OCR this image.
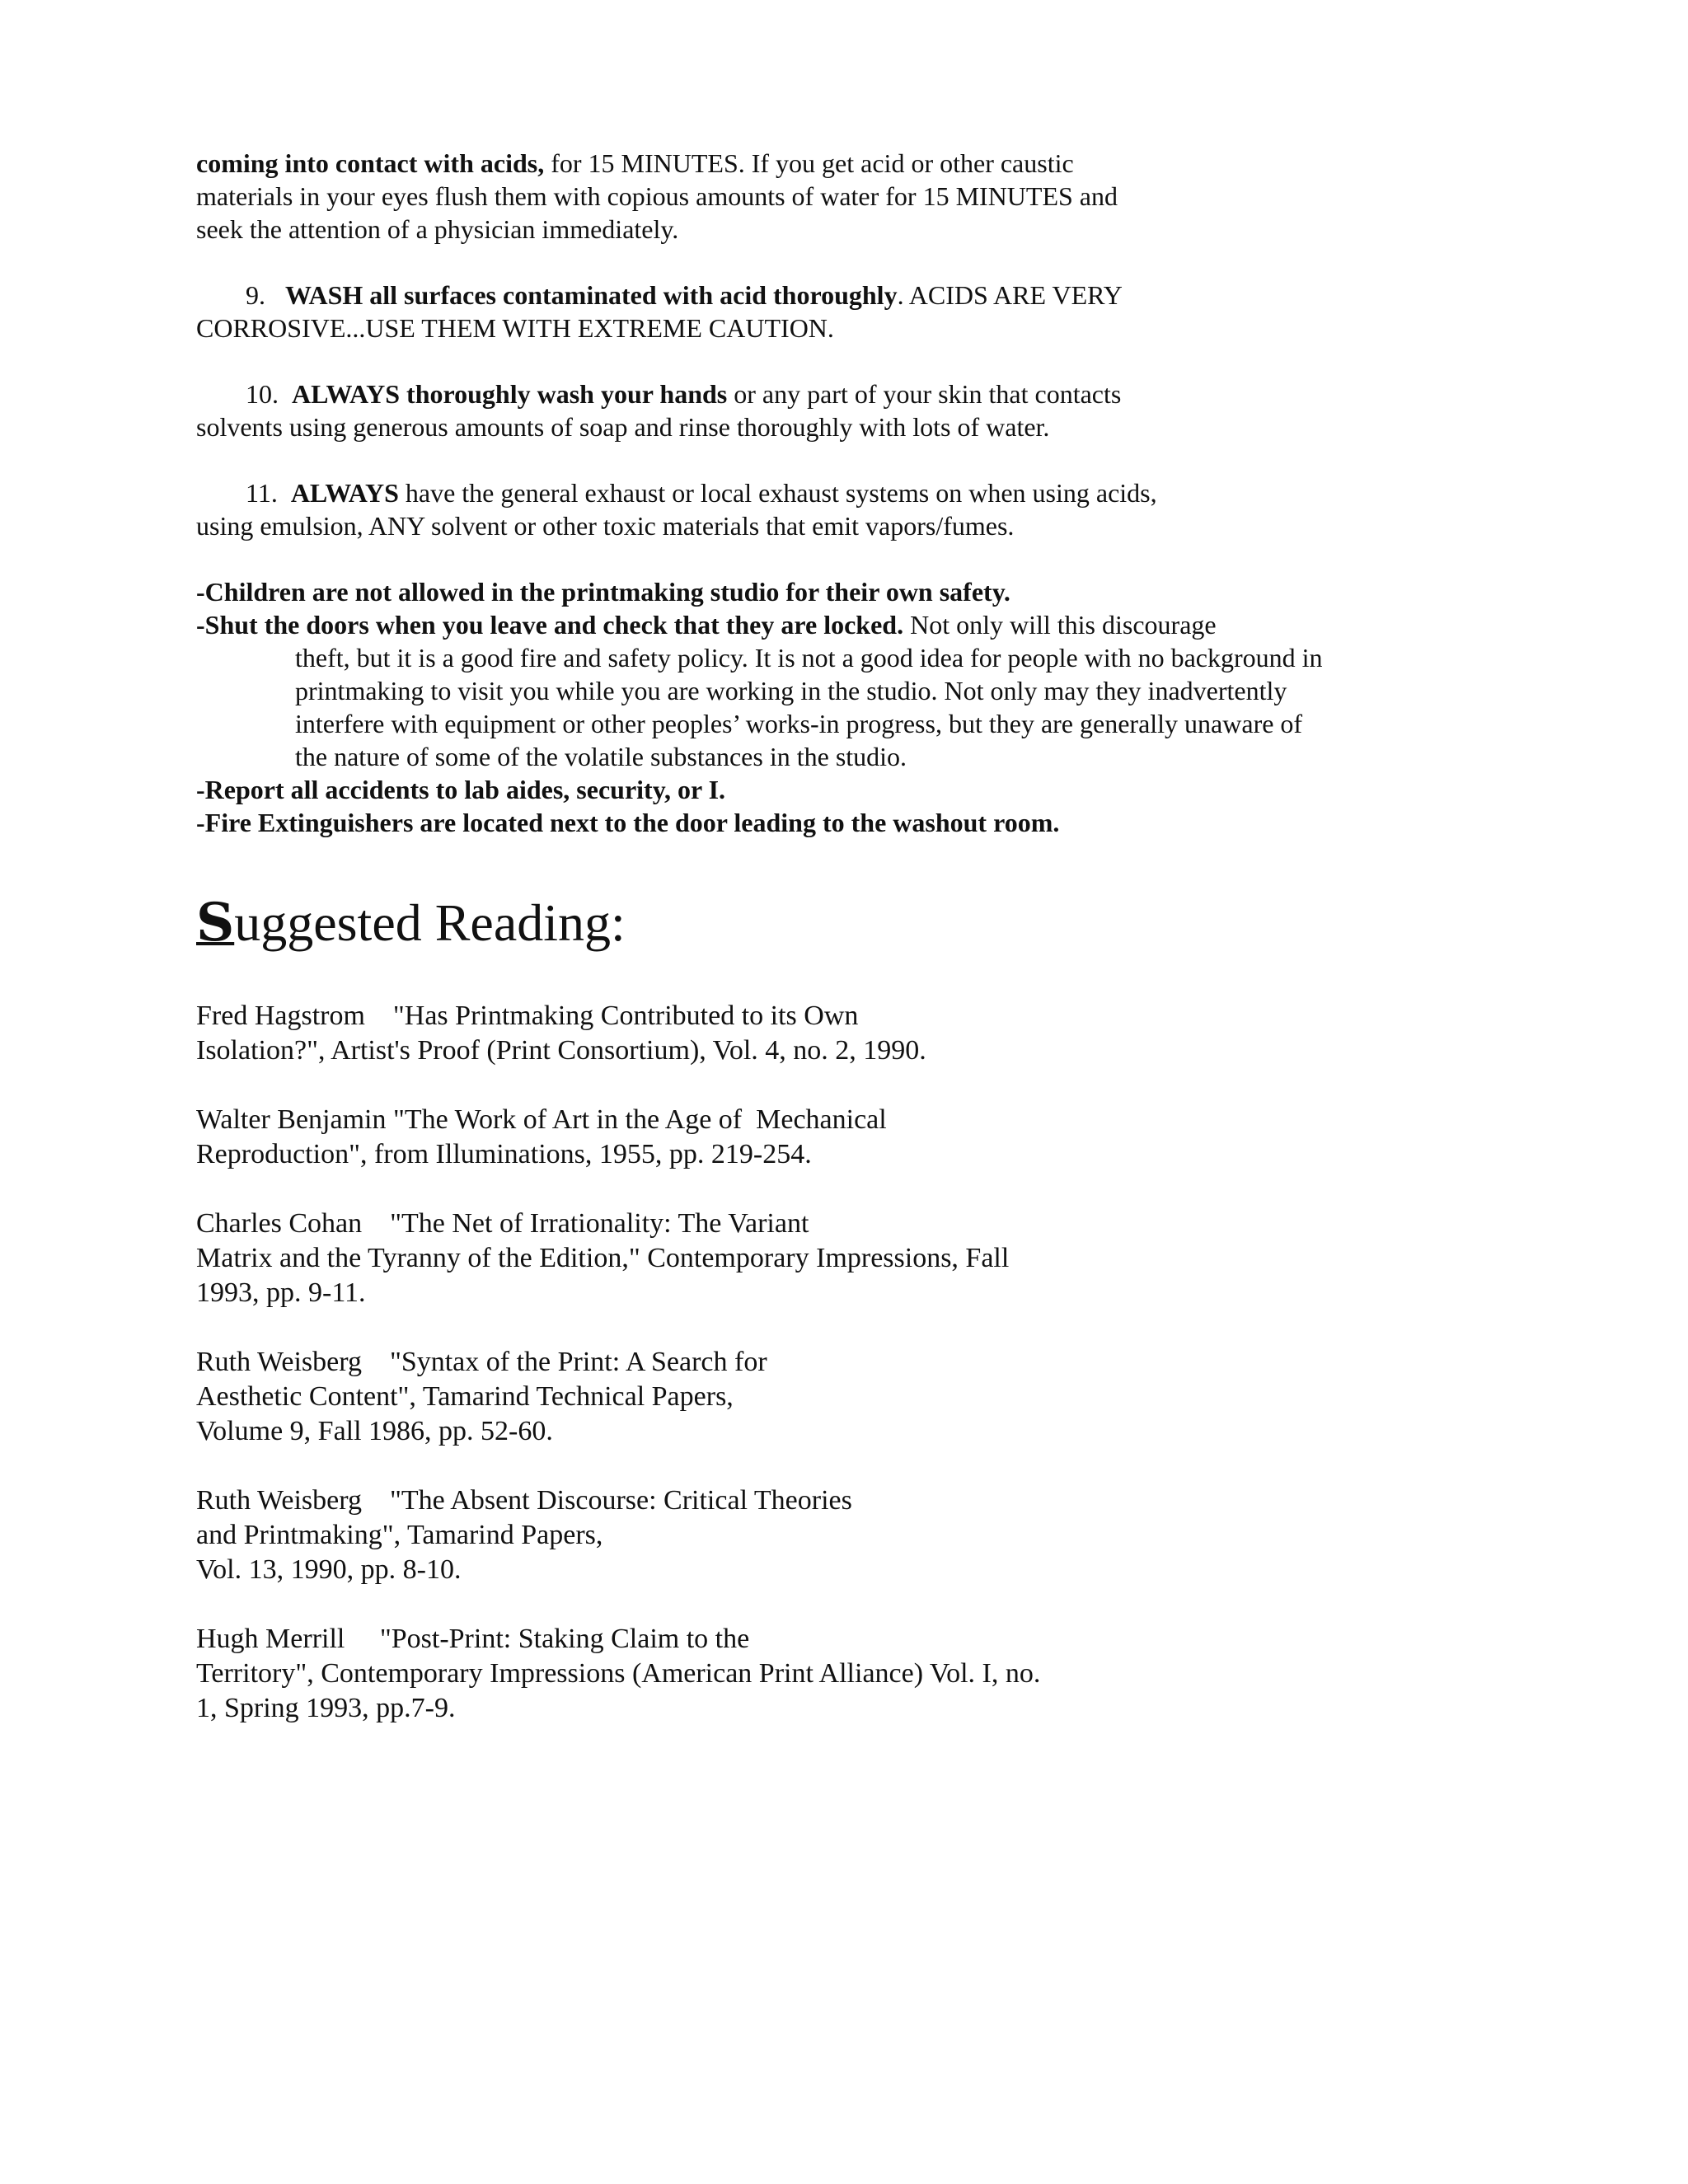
coming into contact with acids, for 15 MINUTES. If you get acid or other caustic
materials in your eyes flush them with copious amounts of water for 15 MINUTES and
seek the attention of a physician immediately.
9. WASH all surfaces contaminated with acid thoroughly. ACIDS ARE VERY
CORROSIVE...USE THEM WITH EXTREME CAUTION.
10. ALWAYS thoroughly wash your hands or any part of your skin that contacts
solvents using generous amounts of soap and rinse thoroughly with lots of water.
11. ALWAYS have the general exhaust or local exhaust systems on when using acids,
using emulsion, ANY solvent or other toxic materials that emit vapors/fumes.
-Children are not allowed in the printmaking studio for their own safety.
-Shut the doors when you leave and check that they are locked. Not only will this discourage
theft, but it is a good fire and safety policy. It is not a good idea for people with no background in
printmaking to visit you while you are working in the studio. Not only may they inadvertently
interfere with equipment or other peoples’ works-in progress, but they are generally unaware of
the nature of some of the volatile substances in the studio.
-Report all accidents to lab aides, security, or I.
-Fire Extinguishers are located next to the door leading to the washout room.
Suggested Reading:
Fred Hagstrom    "Has Printmaking Contributed to its Own
Isolation?", Artist's Proof (Print Consortium), Vol. 4, no. 2, 1990.
Walter Benjamin "The Work of Art in the Age of  Mechanical
Reproduction", from Illuminations, 1955, pp. 219-254.
Charles Cohan    "The Net of Irrationality: The Variant
Matrix and the Tyranny of the Edition," Contemporary Impressions, Fall
1993, pp. 9-11.
Ruth Weisberg    "Syntax of the Print: A Search for
Aesthetic Content", Tamarind Technical Papers,
Volume 9, Fall 1986, pp. 52-60.
Ruth Weisberg    "The Absent Discourse: Critical Theories
and Printmaking", Tamarind Papers,
Vol. 13, 1990, pp. 8-10.
Hugh Merrill     "Post-Print: Staking Claim to the
Territory", Contemporary Impressions (American Print Alliance) Vol. I, no.
1, Spring 1993, pp.7-9.
